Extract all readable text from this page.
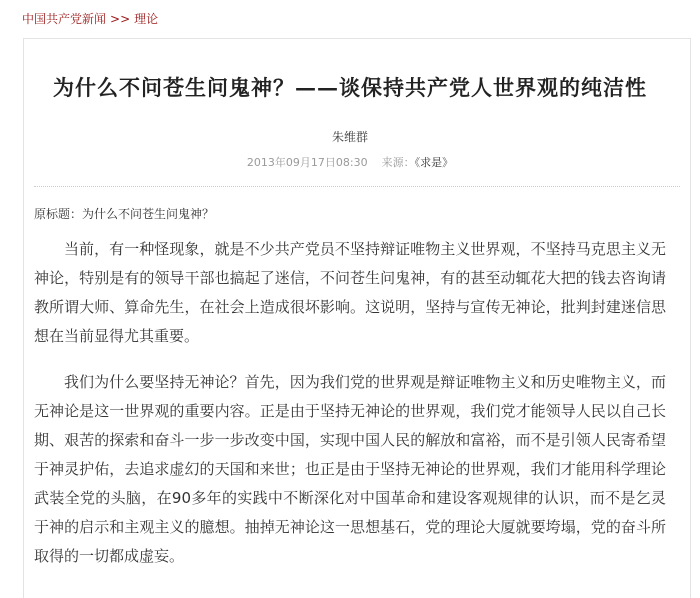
中国共产党新闻 >> 理论
为什么不问苍生问鬼神？——谈保持共产党人世界观的纯洁性
朱维群
2013年09月17日08:30 来源：《求是》
原标题：为什么不问苍生问鬼神？

当前，有一种怪现象，就是不少共产党员不坚持辩证唯物主义世界观，不坚持马克思主义无神论，特别是有的领导干部也搞起了迷信，不问苍生问鬼神，有的甚至动辄花大把的钱去咨询请教所谓大师、算命先生，在社会上造成很坏影响。这说明，坚持与宣传无神论，批判封建迷信思想在当前显得尤其重要。

我们为什么要坚持无神论？首先，因为我们党的世界观是辩证唯物主义和历史唯物主义，而无神论是这一世界观的重要内容。正是由于坚持无神论的世界观，我们党才能领导人民以自己长期、艰苦的探索和奋斗一步一步改变中国，实现中国人民的解放和富裕，而不是引领人民寄希望于神灵护佑，去追求虚幻的天国和来世；也正是由于坚持无神论的世界观，我们才能用科学理论武装全党的头脑，在90多年的实践中不断深化对中国革命和建设客观规律的认识，而不是乞灵于神的启示和主观主义的臆想。抽掉无神论这一思想基石，党的理论大厦就要垮塌，党的奋斗所取得的一切都成虚妄。
